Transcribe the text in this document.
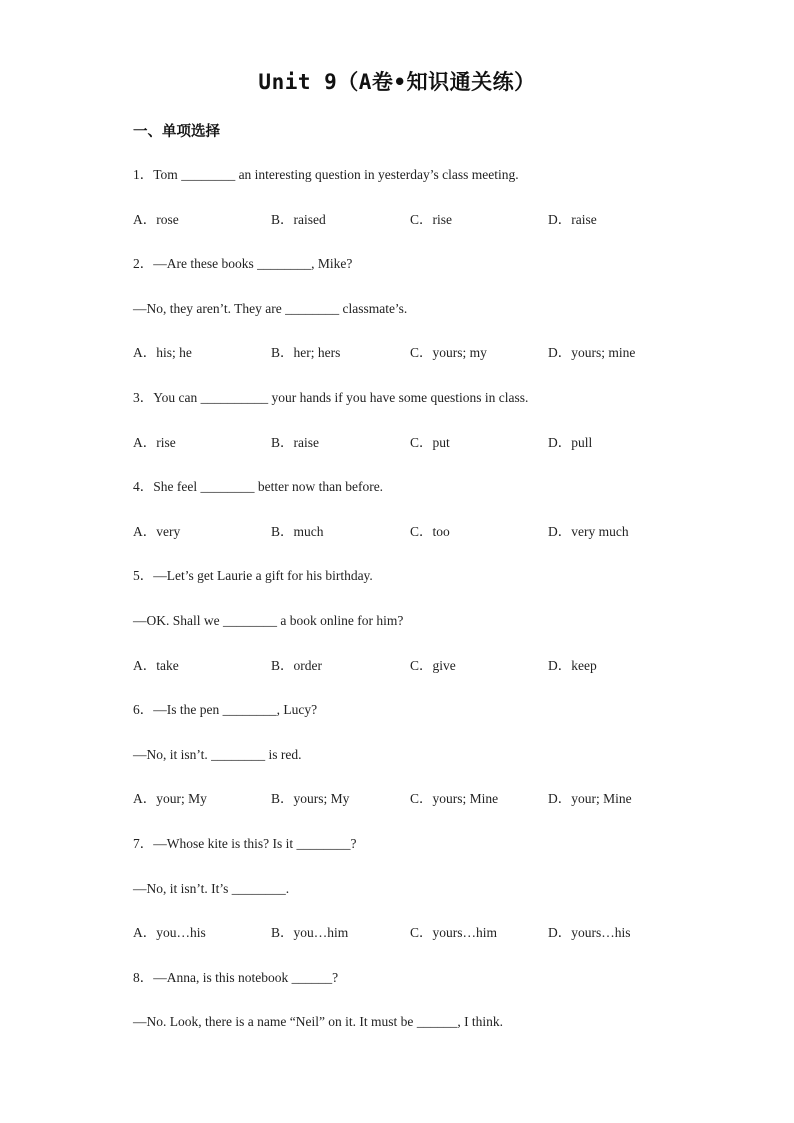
Unit 9（A卷•知识通关练）
一、单项选择
1．Tom ________ an interesting question in yesterday’s class meeting.
A．rose	B．raised	C．rise	D．raise
2．—Are these books ________, Mike?
—No, they aren’t. They are ________ classmate’s.
A．his; he	B．her; hers	C．yours; my	D．yours; mine
3．You can __________ your hands if you have some questions in class.
A．rise	B．raise	C．put	D．pull
4．She feel ________ better now than before.
A．very	B．much	C．too	D．very much
5．—Let’s get Laurie a gift for his birthday.
—OK. Shall we ________ a book online for him?
A．take	B．order	C．give	D．keep
6．—Is the pen ________, Lucy?
—No, it isn’t. ________ is red.
A．your; My	B．yours; My	C．yours; Mine	D．your; Mine
7．—Whose kite is this? Is it ________?
—No, it isn’t. It’s ________.
A．you…his	B．you…him	C．yours…him	D．yours…his
8．—Anna, is this notebook ______?
—No. Look, there is a name “Neil” on it. It must be ______, I think.
